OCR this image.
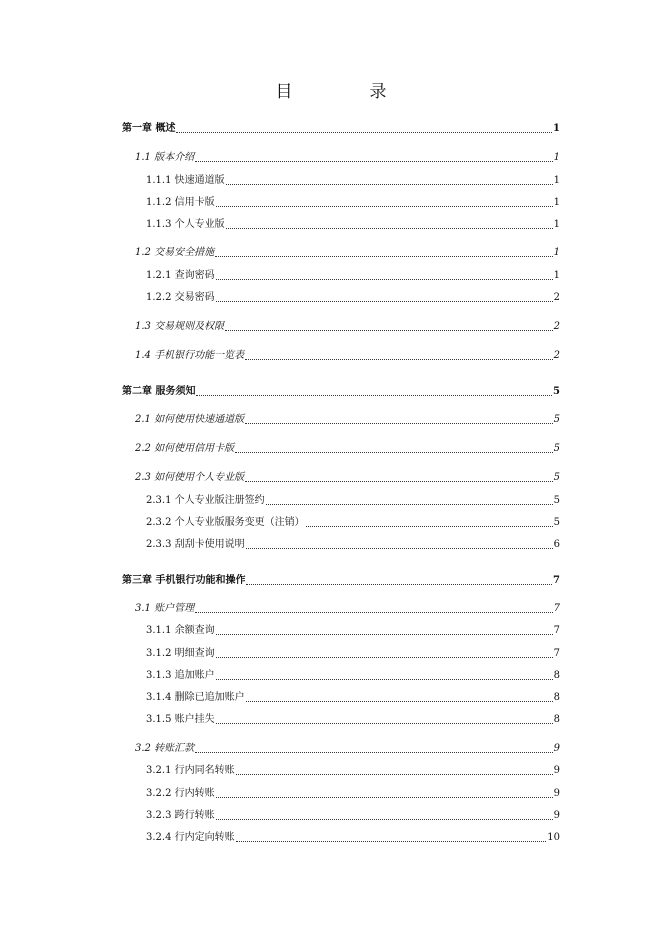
目　录
第一章 概述	1
1.1 版本介绍	1
1.1.1 快速通道版	1
1.1.2 信用卡版	1
1.1.3 个人专业版	1
1.2 交易安全措施	1
1.2.1 查询密码	1
1.2.2 交易密码	2
1.3 交易规则及权限	2
1.4 手机银行功能一览表	2
第二章 服务须知	5
2.1 如何使用快速通道版	5
2.2 如何使用信用卡版	5
2.3 如何使用个人专业版	5
2.3.1 个人专业版注册签约	5
2.3.2 个人专业版服务变更（注销）	5
2.3.3 刮刮卡使用说明	6
第三章 手机银行功能和操作	7
3.1 账户管理	7
3.1.1 余额查询	7
3.1.2 明细查询	7
3.1.3 追加账户	8
3.1.4 删除已追加账户	8
3.1.5 账户挂失	8
3.2 转账汇款	9
3.2.1 行内同名转账	9
3.2.2 行内转账	9
3.2.3 跨行转账	9
3.2.4 行内定向转账	10
